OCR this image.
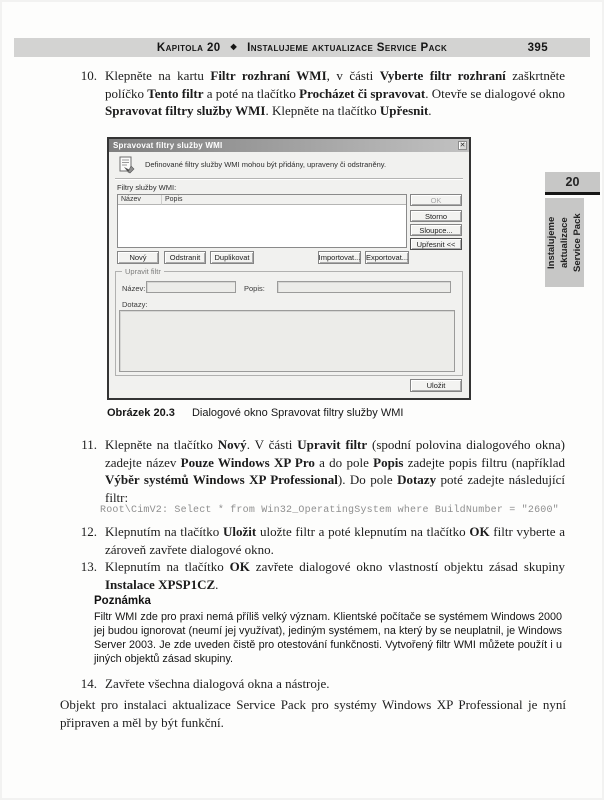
Kapitola 20 ◆ Instalujeme aktualizace Service Pack	395
10. Klepněte na kartu Filtr rozhraní WMI, v části Vyberte filtr rozhraní zaškrtněte políčko Tento filtr a poté na tlačítko Procházet či spravovat. Otevře se dialogové okno Spravovat filtry služby WMI. Klepněte na tlačítko Upřesnit.
Spravovat filtry služby WMI	✕
Definované filtry služby WMI mohou být přidány, upraveny či odstraněny.
Filtry služby WMI:
Název	Popis	OK
Storno
Sloupce...
Upřesnit <<
Nový	Odstranit	Duplikovat	Importovat... Exportovat...
Upravit filtr
Název:	Popis:
Dotazy:
Uložit
Obrázek 20.3 Dialogové okno Spravovat filtry služby WMI
11. Klepněte na tlačítko Nový. V části Upravit filtr (spodní polovina dialogového okna) zadejte název Pouze Windows XP Pro a do pole Popis zadejte popis filtru (například Výběr systémů Windows XP Professional). Do pole Dotazy poté zadejte následující filtr:
Root\CimV2: Select * from Win32_OperatingSystem where BuildNumber = "2600"
12. Klepnutím na tlačítko Uložit uložte filtr a poté klepnutím na tlačítko OK filtr vyberte a zároveň zavřete dialogové okno.
13. Klepnutím na tlačítko OK zavřete dialogové okno vlastností objektu zásad skupiny Instalace XPSP1CZ.
Poznámka

Filtr WMI zde pro praxi nemá příliš velký význam. Klientské počítače se systémem Windows 2000 jej budou ignorovat (neumí jej využívat), jediným systémem, na který by se neuplatnil, je Windows Server 2003. Je zde uveden čistě pro otestování funkčnosti. Vytvořený filtr WMI můžete použít i u jiných objektů zásad skupiny.

14. Zavřete všechna dialogová okna a nástroje.
Objekt pro instalaci aktualizace Service Pack pro systémy Windows XP Professional je nyní připraven a měl by být funkční.
20
Instalujeme
aktualizace
Service Pack
